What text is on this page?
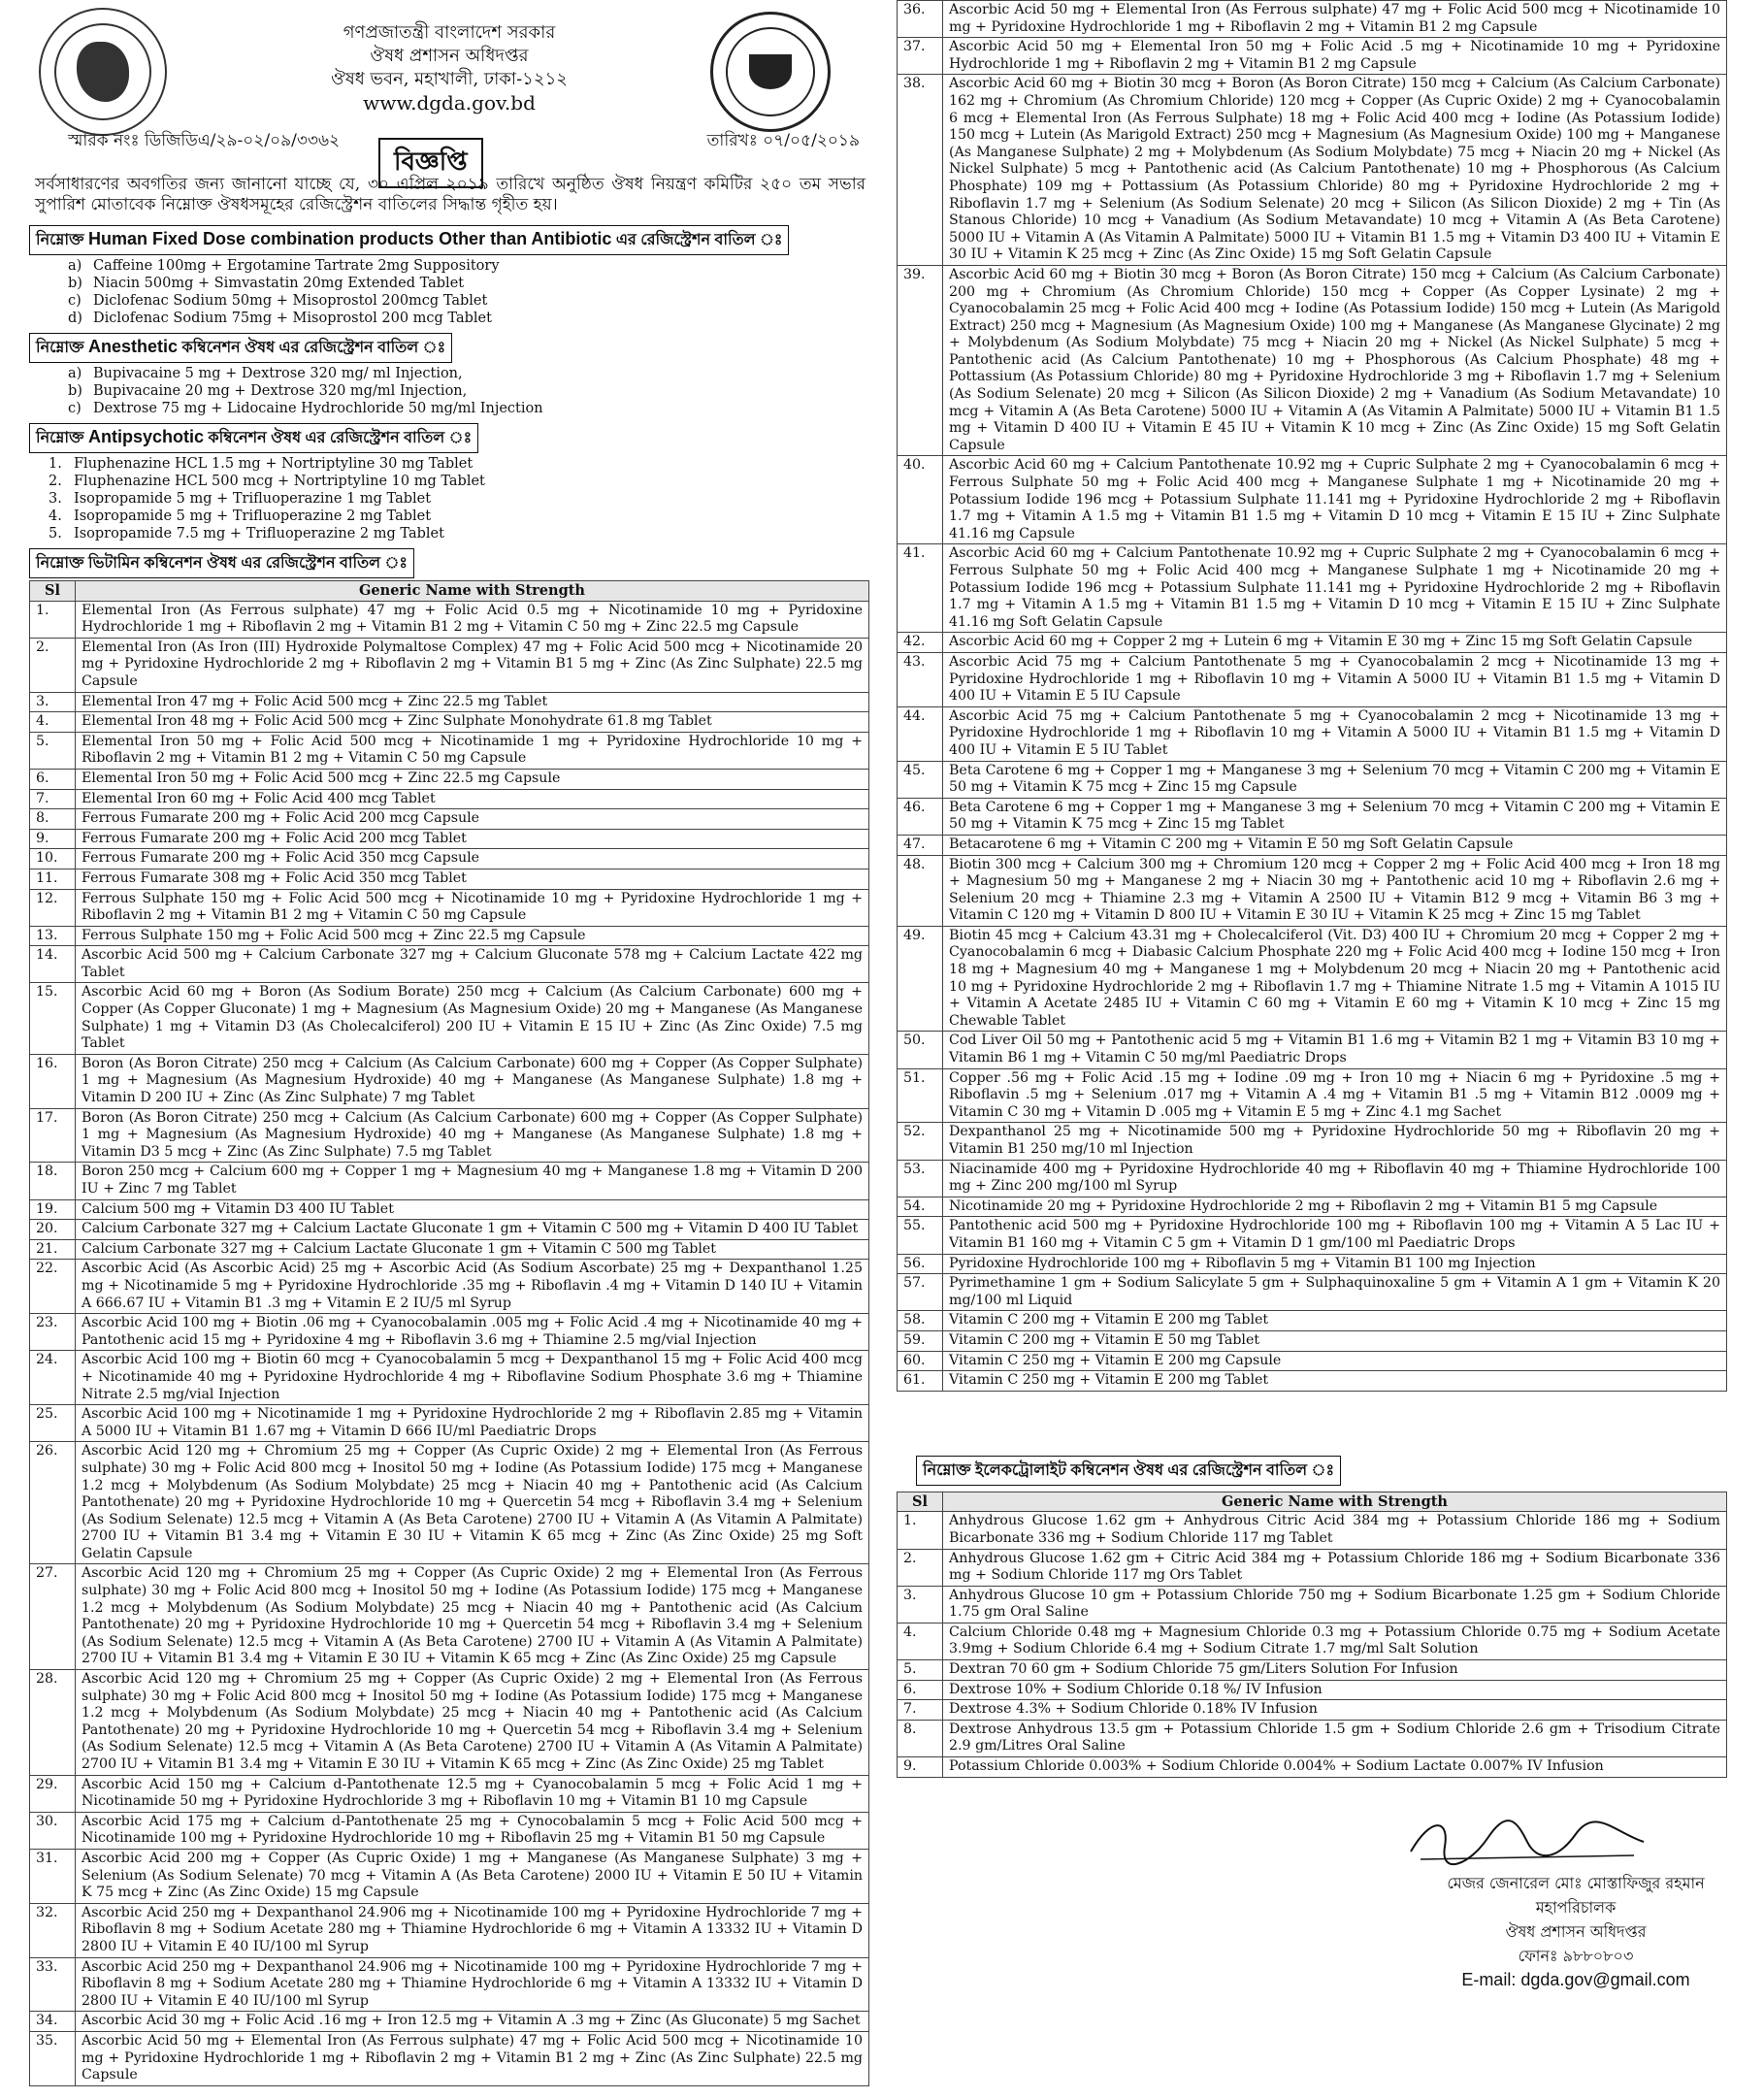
গণপ্রজাতন্ত্রী বাংলাদেশ সরকার
ঔষধ প্রশাসন অধিদপ্তর
ঔষধ ভবন, মহাখালী, ঢাকা-১২১২
www.dgda.gov.bd
স্মারক নংঃ ডিজিডিএ/২৯-০২/০৯/৩৩৬২	তারিখঃ ০৭/০৫/২০১৯
বিজ্ঞপ্তি

সর্বসাধারণের অবগতির জন্য জানানো যাচ্ছে যে, ৩০ এপ্রিল ২০১৯ তারিখে অনুষ্ঠিত ঔষধ নিয়ন্ত্রণ কমিটির ২৫০ তম সভার সুপারিশ মোতাবেক নিম্নোক্ত ঔষধসমূহের রেজিস্ট্রেশন বাতিলের সিদ্ধান্ত গৃহীত হয়।

নিম্নোক্ত Human Fixed Dose combination products Other than Antibiotic এর রেজিস্ট্রেশন বাতিল ঃ
a) Caffeine 100mg + Ergotamine Tartrate 2mg Suppository
b) Niacin 500mg + Simvastatin 20mg Extended Tablet
c) Diclofenac Sodium 50mg + Misoprostol 200mcg Tablet
d) Diclofenac Sodium 75mg + Misoprostol 200 mcg Tablet
নিম্নোক্ত Anesthetic কম্বিনেশন ঔষধ এর রেজিস্ট্রেশন বাতিল ঃ
a) Bupivacaine 5 mg + Dextrose 320 mg/ ml Injection,
b) Bupivacaine 20 mg + Dextrose 320 mg/ml Injection,
c) Dextrose 75 mg + Lidocaine Hydrochloride 50 mg/ml Injection
নিম্নোক্ত Antipsychotic কম্বিনেশন ঔষধ এর রেজিস্ট্রেশন বাতিল ঃ
1. Fluphenazine HCL 1.5 mg + Nortriptyline 30 mg Tablet
2. Fluphenazine HCL 500 mcg + Nortriptyline 10 mg Tablet
3. Isopropamide 5 mg + Trifluoperazine 1 mg Tablet
4. Isopropamide 5 mg + Trifluoperazine 2 mg Tablet
5. Isopropamide 7.5 mg + Trifluoperazine 2 mg Tablet
নিম্নোক্ত ভিটামিন কম্বিনেশন ঔষধ এর রেজিস্ট্রেশন বাতিল ঃ
Sl	Generic Name with Strength
1.	Elemental Iron (As Ferrous sulphate) 47 mg + Folic Acid 0.5 mg + Nicotinamide 10 mg + Pyridoxine Hydrochloride 1 mg + Riboflavin 2 mg + Vitamin B1 2 mg + Vitamin C 50 mg + Zinc 22.5 mg Capsule
2.	Elemental Iron (As Iron (III) Hydroxide Polymaltose Complex) 47 mg + Folic Acid 500 mcg + Nicotinamide 20 mg + Pyridoxine Hydrochloride 2 mg + Riboflavin 2 mg + Vitamin B1 5 mg + Zinc (As Zinc Sulphate) 22.5 mg Capsule
3.	Elemental Iron 47 mg + Folic Acid 500 mcg + Zinc 22.5 mg Tablet
4.	Elemental Iron 48 mg + Folic Acid 500 mcg + Zinc Sulphate Monohydrate 61.8 mg Tablet
5.	Elemental Iron 50 mg + Folic Acid 500 mcg + Nicotinamide 1 mg + Pyridoxine Hydrochloride 10 mg + Riboflavin 2 mg + Vitamin B1 2 mg + Vitamin C 50 mg Capsule
6.	Elemental Iron 50 mg + Folic Acid 500 mcg + Zinc 22.5 mg Capsule
7.	Elemental Iron 60 mg + Folic Acid 400 mcg Tablet
8.	Ferrous Fumarate 200 mg + Folic Acid 200 mcg Capsule
9.	Ferrous Fumarate 200 mg + Folic Acid 200 mcg Tablet
10.	Ferrous Fumarate 200 mg + Folic Acid 350 mcg Capsule
11.	Ferrous Fumarate 308 mg + Folic Acid 350 mcg Tablet
12.	Ferrous Sulphate 150 mg + Folic Acid 500 mcg + Nicotinamide 10 mg + Pyridoxine Hydrochloride 1 mg + Riboflavin 2 mg + Vitamin B1 2 mg + Vitamin C 50 mg Capsule
13.	Ferrous Sulphate 150 mg + Folic Acid 500 mcg + Zinc 22.5 mg Capsule
14.	Ascorbic Acid 500 mg + Calcium Carbonate 327 mg + Calcium Gluconate 578 mg + Calcium Lactate 422 mg Tablet
15.	Ascorbic Acid 60 mg + Boron (As Sodium Borate) 250 mcg + Calcium (As Calcium Carbonate) 600 mg + Copper (As Copper Gluconate) 1 mg + Magnesium (As Magnesium Oxide) 20 mg + Manganese (As Manganese Sulphate) 1 mg + Vitamin D3 (As Cholecalciferol) 200 IU + Vitamin E 15 IU + Zinc (As Zinc Oxide) 7.5 mg Tablet
16.	Boron (As Boron Citrate) 250 mcg + Calcium (As Calcium Carbonate) 600 mg + Copper (As Copper Sulphate) 1 mg + Magnesium (As Magnesium Hydroxide) 40 mg + Manganese (As Manganese Sulphate) 1.8 mg + Vitamin D 200 IU + Zinc (As Zinc Sulphate) 7 mg Tablet
17.	Boron (As Boron Citrate) 250 mcg + Calcium (As Calcium Carbonate) 600 mg + Copper (As Copper Sulphate) 1 mg + Magnesium (As Magnesium Hydroxide) 40 mg + Manganese (As Manganese Sulphate) 1.8 mg + Vitamin D3 5 mcg + Zinc (As Zinc Sulphate) 7.5 mg Tablet
18.	Boron 250 mcg + Calcium 600 mg + Copper 1 mg + Magnesium 40 mg + Manganese 1.8 mg + Vitamin D 200 IU + Zinc 7 mg Tablet
19.	Calcium 500 mg + Vitamin D3 400 IU Tablet
20.	Calcium Carbonate 327 mg + Calcium Lactate Gluconate 1 gm + Vitamin C 500 mg + Vitamin D 400 IU Tablet
21.	Calcium Carbonate 327 mg + Calcium Lactate Gluconate 1 gm + Vitamin C 500 mg Tablet
22.	Ascorbic Acid (As Ascorbic Acid) 25 mg + Ascorbic Acid (As Sodium Ascorbate) 25 mg + Dexpanthanol 1.25 mg + Nicotinamide 5 mg + Pyridoxine Hydrochloride .35 mg + Riboflavin .4 mg + Vitamin D 140 IU + Vitamin A 666.67 IU + Vitamin B1 .3 mg + Vitamin E 2 IU/5 ml Syrup
23.	Ascorbic Acid 100 mg + Biotin .06 mg + Cyanocobalamin .005 mg + Folic Acid .4 mg + Nicotinamide 40 mg + Pantothenic acid 15 mg + Pyridoxine 4 mg + Riboflavin 3.6 mg + Thiamine 2.5 mg/vial Injection
24.	Ascorbic Acid 100 mg + Biotin 60 mcg + Cyanocobalamin 5 mcg + Dexpanthanol 15 mg + Folic Acid 400 mcg + Nicotinamide 40 mg + Pyridoxine Hydrochloride 4 mg + Riboflavine Sodium Phosphate 3.6 mg + Thiamine Nitrate 2.5 mg/vial Injection
25.	Ascorbic Acid 100 mg + Nicotinamide 1 mg + Pyridoxine Hydrochloride 2 mg + Riboflavin 2.85 mg + Vitamin A 5000 IU + Vitamin B1 1.67 mg + Vitamin D 666 IU/ml Paediatric Drops
26.	Ascorbic Acid 120 mg + Chromium 25 mg + Copper (As Cupric Oxide) 2 mg + Elemental Iron (As Ferrous sulphate) 30 mg + Folic Acid 800 mcg + Inositol 50 mg + Iodine (As Potassium Iodide) 175 mcg + Manganese 1.2 mcg + Molybdenum (As Sodium Molybdate) 25 mcg + Niacin 40 mg + Pantothenic acid (As Calcium Pantothenate) 20 mg + Pyridoxine Hydrochloride 10 mg + Quercetin 54 mcg + Riboflavin 3.4 mg + Selenium (As Sodium Selenate) 12.5 mcg + Vitamin A (As Beta Carotene) 2700 IU + Vitamin A (As Vitamin A Palmitate) 2700 IU + Vitamin B1 3.4 mg + Vitamin E 30 IU + Vitamin K 65 mcg + Zinc (As Zinc Oxide) 25 mg Soft Gelatin Capsule
27.	Ascorbic Acid 120 mg + Chromium 25 mg + Copper (As Cupric Oxide) 2 mg + Elemental Iron (As Ferrous sulphate) 30 mg + Folic Acid 800 mcg + Inositol 50 mg + Iodine (As Potassium Iodide) 175 mcg + Manganese 1.2 mcg + Molybdenum (As Sodium Molybdate) 25 mcg + Niacin 40 mg + Pantothenic acid (As Calcium Pantothenate) 20 mg + Pyridoxine Hydrochloride 10 mg + Quercetin 54 mcg + Riboflavin 3.4 mg + Selenium (As Sodium Selenate) 12.5 mcg + Vitamin A (As Beta Carotene) 2700 IU + Vitamin A (As Vitamin A Palmitate) 2700 IU + Vitamin B1 3.4 mg + Vitamin E 30 IU + Vitamin K 65 mcg + Zinc (As Zinc Oxide) 25 mg Capsule
28.	Ascorbic Acid 120 mg + Chromium 25 mg + Copper (As Cupric Oxide) 2 mg + Elemental Iron (As Ferrous sulphate) 30 mg + Folic Acid 800 mcg + Inositol 50 mg + Iodine (As Potassium Iodide) 175 mcg + Manganese 1.2 mcg + Molybdenum (As Sodium Molybdate) 25 mcg + Niacin 40 mg + Pantothenic acid (As Calcium Pantothenate) 20 mg + Pyridoxine Hydrochloride 10 mg + Quercetin 54 mcg + Riboflavin 3.4 mg + Selenium (As Sodium Selenate) 12.5 mcg + Vitamin A (As Beta Carotene) 2700 IU + Vitamin A (As Vitamin A Palmitate) 2700 IU + Vitamin B1 3.4 mg + Vitamin E 30 IU + Vitamin K 65 mcg + Zinc (As Zinc Oxide) 25 mg Tablet
29.	Ascorbic Acid 150 mg + Calcium d-Pantothenate 12.5 mg + Cyanocobalamin 5 mcg + Folic Acid 1 mg + Nicotinamide 50 mg + Pyridoxine Hydrochloride 3 mg + Riboflavin 10 mg + Vitamin B1 10 mg Capsule
30.	Ascorbic Acid 175 mg + Calcium d-Pantothenate 25 mg + Cynocobalamin 5 mcg + Folic Acid 500 mcg + Nicotinamide 100 mg + Pyridoxine Hydrochloride 10 mg + Riboflavin 25 mg + Vitamin B1 50 mg Capsule
31.	Ascorbic Acid 200 mg + Copper (As Cupric Oxide) 1 mg + Manganese (As Manganese Sulphate) 3 mg + Selenium (As Sodium Selenate) 70 mcg + Vitamin A (As Beta Carotene) 2000 IU + Vitamin E 50 IU + Vitamin K 75 mcg + Zinc (As Zinc Oxide) 15 mg Capsule
32.	Ascorbic Acid 250 mg + Dexpanthanol 24.906 mg + Nicotinamide 100 mg + Pyridoxine Hydrochloride 7 mg + Riboflavin 8 mg + Sodium Acetate 280 mg + Thiamine Hydrochloride 6 mg + Vitamin A 13332 IU + Vitamin D 2800 IU + Vitamin E 40 IU/100 ml Syrup
33.	Ascorbic Acid 250 mg + Dexpanthanol 24.906 mg + Nicotinamide 100 mg + Pyridoxine Hydrochloride 7 mg + Riboflavin 8 mg + Sodium Acetate 280 mg + Thiamine Hydrochloride 6 mg + Vitamin A 13332 IU + Vitamin D 2800 IU + Vitamin E 40 IU/100 ml Syrup
34.	Ascorbic Acid 30 mg + Folic Acid .16 mg + Iron 12.5 mg + Vitamin A .3 mg + Zinc (As Gluconate) 5 mg Sachet
35.	Ascorbic Acid 50 mg + Elemental Iron (As Ferrous sulphate) 47 mg + Folic Acid 500 mcg + Nicotinamide 10 mg + Pyridoxine Hydrochloride 1 mg + Riboflavin 2 mg + Vitamin B1 2 mg + Zinc (As Zinc Sulphate) 22.5 mg Capsule
36.	Ascorbic Acid 50 mg + Elemental Iron (As Ferrous sulphate) 47 mg + Folic Acid 500 mcg + Nicotinamide 10 mg + Pyridoxine Hydrochloride 1 mg + Riboflavin 2 mg + Vitamin B1 2 mg Capsule
37.	Ascorbic Acid 50 mg + Elemental Iron 50 mg + Folic Acid .5 mg + Nicotinamide 10 mg + Pyridoxine Hydrochloride 1 mg + Riboflavin 2 mg + Vitamin B1 2 mg Capsule
38.	Ascorbic Acid 60 mg + Biotin 30 mcg + Boron (As Boron Citrate) 150 mcg + Calcium (As Calcium Carbonate) 162 mg + Chromium (As Chromium Chloride) 120 mcg + Copper (As Cupric Oxide) 2 mg + Cyanocobalamin 6 mcg + Elemental Iron (As Ferrous Sulphate) 18 mg + Folic Acid 400 mcg + Iodine (As Potassium Iodide) 150 mcg + Lutein (As Marigold Extract) 250 mcg + Magnesium (As Magnesium Oxide) 100 mg + Manganese (As Manganese Sulphate) 2 mg + Molybdenum (As Sodium Molybdate) 75 mcg + Niacin 20 mg + Nickel (As Nickel Sulphate) 5 mcg + Pantothenic acid (As Calcium Pantothenate) 10 mg + Phosphorous (As Calcium Phosphate) 109 mg + Pottassium (As Potassium Chloride) 80 mg + Pyridoxine Hydrochloride 2 mg + Riboflavin 1.7 mg + Selenium (As Sodium Selenate) 20 mcg + Silicon (As Silicon Dioxide) 2 mg + Tin (As Stanous Chloride) 10 mcg + Vanadium (As Sodium Metavandate) 10 mcg + Vitamin A (As Beta Carotene) 5000 IU + Vitamin A (As Vitamin A Palmitate) 5000 IU + Vitamin B1 1.5 mg + Vitamin D3 400 IU + Vitamin E 30 IU + Vitamin K 25 mcg + Zinc (As Zinc Oxide) 15 mg Soft Gelatin Capsule
39.	Ascorbic Acid 60 mg + Biotin 30 mcg + Boron (As Boron Citrate) 150 mcg + Calcium (As Calcium Carbonate) 200 mg + Chromium (As Chromium Chloride) 150 mcg + Copper (As Copper Lysinate) 2 mg + Cyanocobalamin 25 mcg + Folic Acid 400 mcg + Iodine (As Potassium Iodide) 150 mcg + Lutein (As Marigold Extract) 250 mcg + Magnesium (As Magnesium Oxide) 100 mg + Manganese (As Manganese Glycinate) 2 mg + Molybdenum (As Sodium Molybdate) 75 mcg + Niacin 20 mg + Nickel (As Nickel Sulphate) 5 mcg + Pantothenic acid (As Calcium Pantothenate) 10 mg + Phosphorous (As Calcium Phosphate) 48 mg + Pottassium (As Potassium Chloride) 80 mg + Pyridoxine Hydrochloride 3 mg + Riboflavin 1.7 mg + Selenium (As Sodium Selenate) 20 mcg + Silicon (As Silicon Dioxide) 2 mg + Vanadium (As Sodium Metavandate) 10 mcg + Vitamin A (As Beta Carotene) 5000 IU + Vitamin A (As Vitamin A Palmitate) 5000 IU + Vitamin B1 1.5 mg + Vitamin D 400 IU + Vitamin E 45 IU + Vitamin K 10 mcg + Zinc (As Zinc Oxide) 15 mg Soft Gelatin Capsule
40.	Ascorbic Acid 60 mg + Calcium Pantothenate 10.92 mg + Cupric Sulphate 2 mg + Cyanocobalamin 6 mcg + Ferrous Sulphate 50 mg + Folic Acid 400 mcg + Manganese Sulphate 1 mg + Nicotinamide 20 mg + Potassium Iodide 196 mcg + Potassium Sulphate 11.141 mg + Pyridoxine Hydrochloride 2 mg + Riboflavin 1.7 mg + Vitamin A 1.5 mg + Vitamin B1 1.5 mg + Vitamin D 10 mcg + Vitamin E 15 IU + Zinc Sulphate 41.16 mg Capsule
41.	Ascorbic Acid 60 mg + Calcium Pantothenate 10.92 mg + Cupric Sulphate 2 mg + Cyanocobalamin 6 mcg + Ferrous Sulphate 50 mg + Folic Acid 400 mcg + Manganese Sulphate 1 mg + Nicotinamide 20 mg + Potassium Iodide 196 mcg + Potassium Sulphate 11.141 mg + Pyridoxine Hydrochloride 2 mg + Riboflavin 1.7 mg + Vitamin A 1.5 mg + Vitamin B1 1.5 mg + Vitamin D 10 mcg + Vitamin E 15 IU + Zinc Sulphate 41.16 mg Soft Gelatin Capsule
42.	Ascorbic Acid 60 mg + Copper 2 mg + Lutein 6 mg + Vitamin E 30 mg + Zinc 15 mg Soft Gelatin Capsule
43.	Ascorbic Acid 75 mg + Calcium Pantothenate 5 mg + Cyanocobalamin 2 mcg + Nicotinamide 13 mg + Pyridoxine Hydrochloride 1 mg + Riboflavin 10 mg + Vitamin A 5000 IU + Vitamin B1 1.5 mg + Vitamin D 400 IU + Vitamin E 5 IU Capsule
44.	Ascorbic Acid 75 mg + Calcium Pantothenate 5 mg + Cyanocobalamin 2 mcg + Nicotinamide 13 mg + Pyridoxine Hydrochloride 1 mg + Riboflavin 10 mg + Vitamin A 5000 IU + Vitamin B1 1.5 mg + Vitamin D 400 IU + Vitamin E 5 IU Tablet
45.	Beta Carotene 6 mg + Copper 1 mg + Manganese 3 mg + Selenium 70 mcg + Vitamin C 200 mg + Vitamin E 50 mg + Vitamin K 75 mcg + Zinc 15 mg Capsule
46.	Beta Carotene 6 mg + Copper 1 mg + Manganese 3 mg + Selenium 70 mcg + Vitamin C 200 mg + Vitamin E 50 mg + Vitamin K 75 mcg + Zinc 15 mg Tablet
47.	Betacarotene 6 mg + Vitamin C 200 mg + Vitamin E 50 mg Soft Gelatin Capsule
48.	Biotin 300 mcg + Calcium 300 mg + Chromium 120 mcg + Copper 2 mg + Folic Acid 400 mcg + Iron 18 mg + Magnesium 50 mg + Manganese 2 mg + Niacin 30 mg + Pantothenic acid 10 mg + Riboflavin 2.6 mg + Selenium 20 mcg + Thiamine 2.3 mg + Vitamin A 2500 IU + Vitamin B12 9 mcg + Vitamin B6 3 mg + Vitamin C 120 mg + Vitamin D 800 IU + Vitamin E 30 IU + Vitamin K 25 mcg + Zinc 15 mg Tablet
49.	Biotin 45 mcg + Calcium 43.31 mg + Cholecalciferol (Vit. D3) 400 IU + Chromium 20 mcg + Copper 2 mg + Cyanocobalamin 6 mcg + Diabasic Calcium Phosphate 220 mg + Folic Acid 400 mcg + Iodine 150 mcg + Iron 18 mg + Magnesium 40 mg + Manganese 1 mg + Molybdenum 20 mcg + Niacin 20 mg + Pantothenic acid 10 mg + Pyridoxine Hydrochloride 2 mg + Riboflavin 1.7 mg + Thiamine Nitrate 1.5 mg + Vitamin A 1015 IU + Vitamin A Acetate 2485 IU + Vitamin C 60 mg + Vitamin E 60 mg + Vitamin K 10 mcg + Zinc 15 mg Chewable Tablet
50.	Cod Liver Oil 50 mg + Pantothenic acid 5 mg + Vitamin B1 1.6 mg + Vitamin B2 1 mg + Vitamin B3 10 mg + Vitamin B6 1 mg + Vitamin C 50 mg/ml Paediatric Drops
51.	Copper .56 mg + Folic Acid .15 mg + Iodine .09 mg + Iron 10 mg + Niacin 6 mg + Pyridoxine .5 mg + Riboflavin .5 mg + Selenium .017 mg + Vitamin A .4 mg + Vitamin B1 .5 mg + Vitamin B12 .0009 mg + Vitamin C 30 mg + Vitamin D .005 mg + Vitamin E 5 mg + Zinc 4.1 mg Sachet
52.	Dexpanthanol 25 mg + Nicotinamide 500 mg + Pyridoxine Hydrochloride 50 mg + Riboflavin 20 mg + Vitamin B1 250 mg/10 ml Injection
53.	Niacinamide 400 mg + Pyridoxine Hydrochloride 40 mg + Riboflavin 40 mg + Thiamine Hydrochloride 100 mg + Zinc 200 mg/100 ml Syrup
54.	Nicotinamide 20 mg + Pyridoxine Hydrochloride 2 mg + Riboflavin 2 mg + Vitamin B1 5 mg Capsule
55.	Pantothenic acid 500 mg + Pyridoxine Hydrochloride 100 mg + Riboflavin 100 mg + Vitamin A 5 Lac IU + Vitamin B1 160 mg + Vitamin C 5 gm + Vitamin D 1 gm/100 ml Paediatric Drops
56.	Pyridoxine Hydrochloride 100 mg + Riboflavin 5 mg + Vitamin B1 100 mg Injection
57.	Pyrimethamine 1 gm + Sodium Salicylate 5 gm + Sulphaquinoxaline 5 gm + Vitamin A 1 gm + Vitamin K 20 mg/100 ml Liquid
58.	Vitamin C 200 mg + Vitamin E 200 mg Tablet
59.	Vitamin C 200 mg + Vitamin E 50 mg Tablet
60.	Vitamin C 250 mg + Vitamin E 200 mg Capsule
61.	Vitamin C 250 mg + Vitamin E 200 mg Tablet
নিম্নোক্ত ইলেকট্রোলাইট কম্বিনেশন ঔষধ এর রেজিস্ট্রেশন বাতিল ঃ
Sl	Generic Name with Strength
1.	Anhydrous Glucose 1.62 gm + Anhydrous Citric Acid 384 mg + Potassium Chloride 186 mg + Sodium Bicarbonate 336 mg + Sodium Chloride 117 mg Tablet
2.	Anhydrous Glucose 1.62 gm + Citric Acid 384 mg + Potassium Chloride 186 mg + Sodium Bicarbonate 336 mg + Sodium Chloride 117 mg Ors Tablet
3.	Anhydrous Glucose 10 gm + Potassium Chloride 750 mg + Sodium Bicarbonate 1.25 gm + Sodium Chloride 1.75 gm Oral Saline
4.	Calcium Chloride 0.48 mg + Magnesium Chloride 0.3 mg + Potassium Chloride 0.75 mg + Sodium Acetate 3.9mg + Sodium Chloride 6.4 mg + Sodium Citrate 1.7 mg/ml Salt Solution
5.	Dextran 70 60 gm + Sodium Chloride 75 gm/Liters Solution For Infusion
6.	Dextrose 10% + Sodium Chloride 0.18 %/ IV Infusion
7.	Dextrose 4.3% + Sodium Chloride 0.18% IV Infusion
8.	Dextrose Anhydrous 13.5 gm + Potassium Chloride 1.5 gm + Sodium Chloride 2.6 gm + Trisodium Citrate 2.9 gm/Litres Oral Saline
9.	Potassium Chloride 0.003% + Sodium Chloride 0.004% + Sodium Lactate 0.007% IV Infusion
মেজর জেনারেল মোঃ মোস্তাফিজুর রহমান
মহাপরিচালক
ঔষধ প্রশাসন অধিদপ্তর
ফোনঃ ৯৮৮০৮০৩
E-mail: dgda.gov@gmail.com
